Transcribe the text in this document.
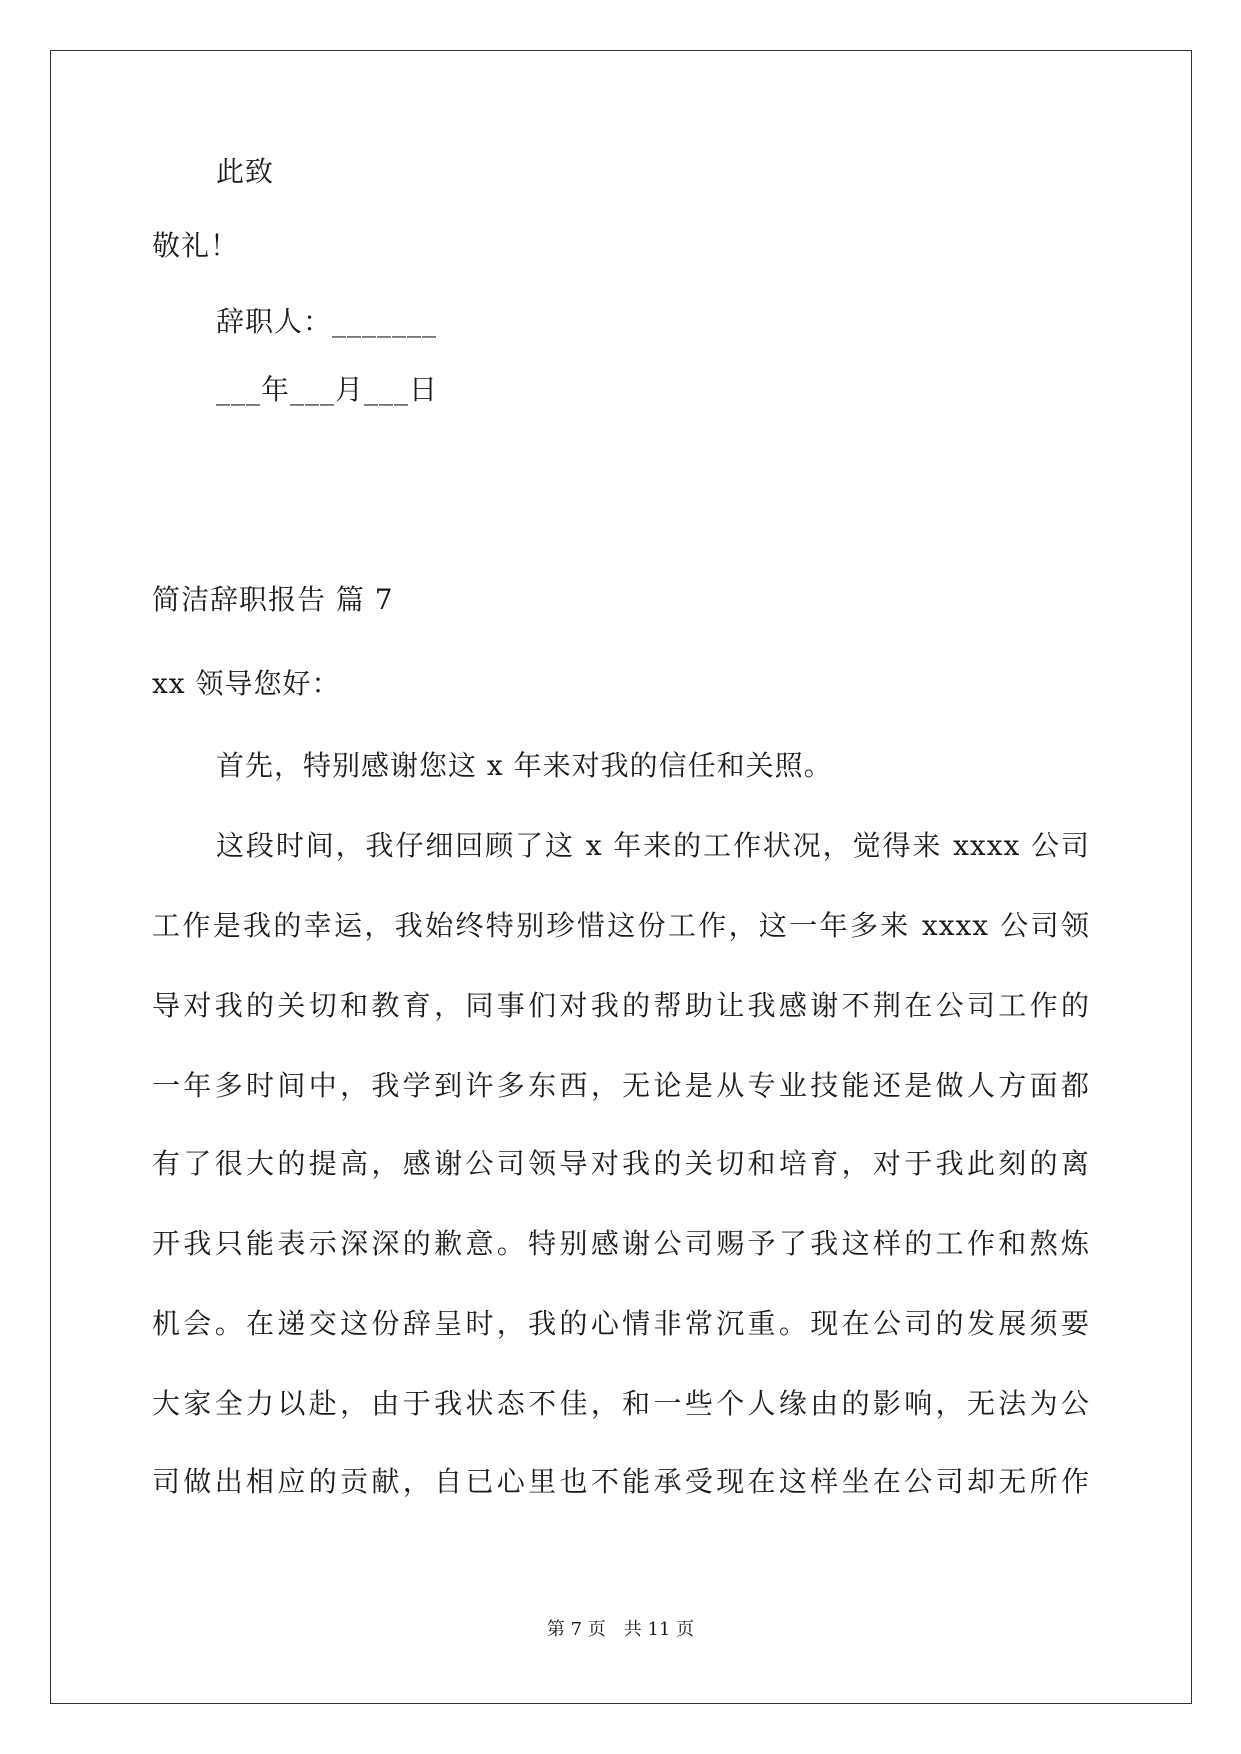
此致
敬礼！
辞职人：_______
___年___月___日
简洁辞职报告 篇 7
xx 领导您好：
首先，特别感谢您这 x 年来对我的信任和关照。
这段时间，我仔细回顾了这 x 年来的工作状况，觉得来 xxxx 公司
工作是我的幸运，我始终特别珍惜这份工作，这一年多来 xxxx 公司领
导对我的关切和教育，同事们对我的帮助让我感谢不荆在公司工作的
一年多时间中，我学到许多东西，无论是从专业技能还是做人方面都
有了很大的提高，感谢公司领导对我的关切和培育，对于我此刻的离
开我只能表示深深的歉意。特别感谢公司赐予了我这样的工作和熬炼
机会。在递交这份辞呈时，我的心情非常沉重。现在公司的发展须要
大家全力以赴，由于我状态不佳，和一些个人缘由的影响，无法为公
司做出相应的贡献，自已心里也不能承受现在这样坐在公司却无所作
第 7 页　共 11 页
